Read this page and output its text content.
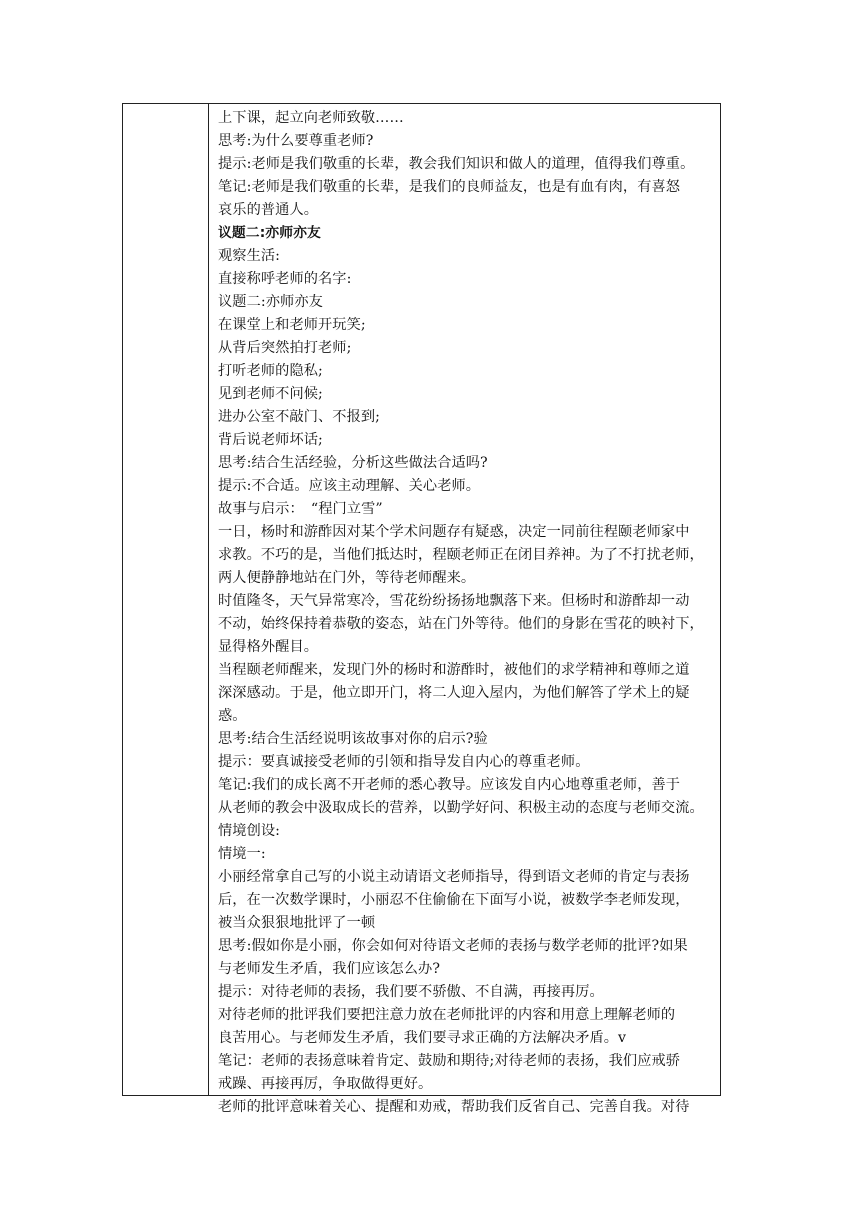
上下课，起立向老师致敬……
思考:为什么要尊重老师?
提示:老师是我们敬重的长辈，教会我们知识和做人的道理，值得我们尊重。
笔记:老师是我们敬重的长辈，是我们的良师益友，也是有血有肉，有喜怒
哀乐的普通人。
议题二:亦师亦友
观察生活:
直接称呼老师的名字:
议题二:亦师亦友
在课堂上和老师开玩笑;
从背后突然拍打老师;
打听老师的隐私;
见到老师不问候;
进办公室不敲门、不报到;
背后说老师坏话;
思考:结合生活经验，分析这些做法合适吗?
提示:不合适。应该主动理解、关心老师。
故事与启示：　“程门立雪”
一日，杨时和游酢因对某个学术问题存有疑惑，决定一同前往程颐老师家中
求教。不巧的是，当他们抵达时，程颐老师正在闭目养神。为了不打扰老师，
两人便静静地站在门外，等待老师醒来。
时值隆冬，天气异常寒冷，雪花纷纷扬扬地飘落下来。但杨时和游酢却一动
不动，始终保持着恭敬的姿态，站在门外等待。他们的身影在雪花的映衬下，
显得格外醒目。
当程颐老师醒来，发现门外的杨时和游酢时，被他们的求学精神和尊师之道
深深感动。于是，他立即开门，将二人迎入屋内，为他们解答了学术上的疑
惑。
思考:结合生活经说明该故事对你的启示?验
提示：要真诚接受老师的引领和指导发自内心的尊重老师。
笔记:我们的成长离不开老师的悉心教导。应该发自内心地尊重老师，善于
从老师的教会中汲取成长的营养，以勤学好问、积极主动的态度与老师交流。
情境创设:
情境一:
小丽经常拿自己写的小说主动请语文老师指导，得到语文老师的肯定与表扬
后，在一次数学课时，小丽忍不住偷偷在下面写小说，被数学李老师发现，
被当众狠狠地批评了一顿
思考:假如你是小丽，你会如何对待语文老师的表扬与数学老师的批评?如果
与老师发生矛盾，我们应该怎么办?
提示：对待老师的表扬，我们要不骄傲、不自满，再接再厉。
对待老师的批评我们要把注意力放在老师批评的内容和用意上理解老师的
良苦用心。与老师发生矛盾，我们要寻求正确的方法解决矛盾。v
笔记：老师的表扬意味着肯定、鼓励和期待;对待老师的表扬，我们应戒骄
戒躁、再接再厉，争取做得更好。
老师的批评意味着关心、提醒和劝戒，帮助我们反省自己、完善自我。对待
